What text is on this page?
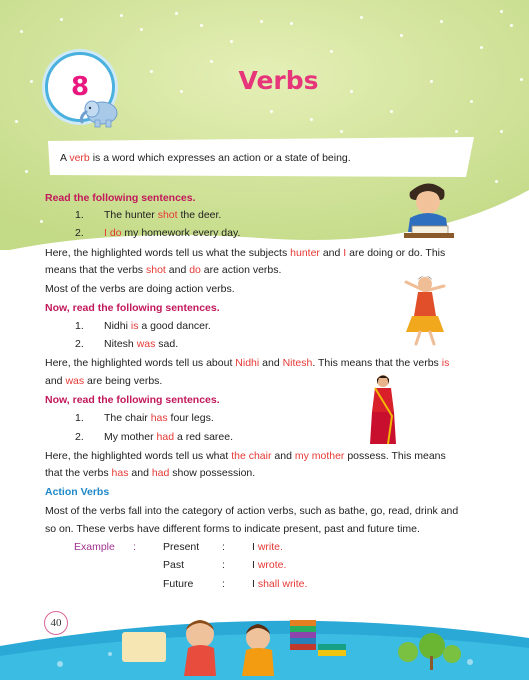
8	Verbs
A verb is a word which expresses an action or a state of being.
Read the following sentences.
1. The hunter shot the deer.
2. I do my homework every day.
Here, the highlighted words tell us what the subjects hunter and I are doing or do. This
means that the verbs shot and do are action verbs.
Most of the verbs are doing action verbs.
Now, read the following sentences.
1. Nidhi is a good dancer.
2. Nitesh was sad.
Here, the highlighted words tell us about Nidhi and Nitesh. This means that the verbs is
and was are being verbs.
Now, read the following sentences.
1. The chair has four legs.
2. My mother had a red saree.
Here, the highlighted words tell us what the chair and my mother possess. This means
that the verbs has and had show possession.
Action Verbs
Most of the verbs fall into the category of action verbs, such as bathe, go, read, drink and
so on. These verbs have different forms to indicate present, past and future time.
Example :	Present :	I write.
Past	:	I wrote.
Future	:	I shall write.
40
